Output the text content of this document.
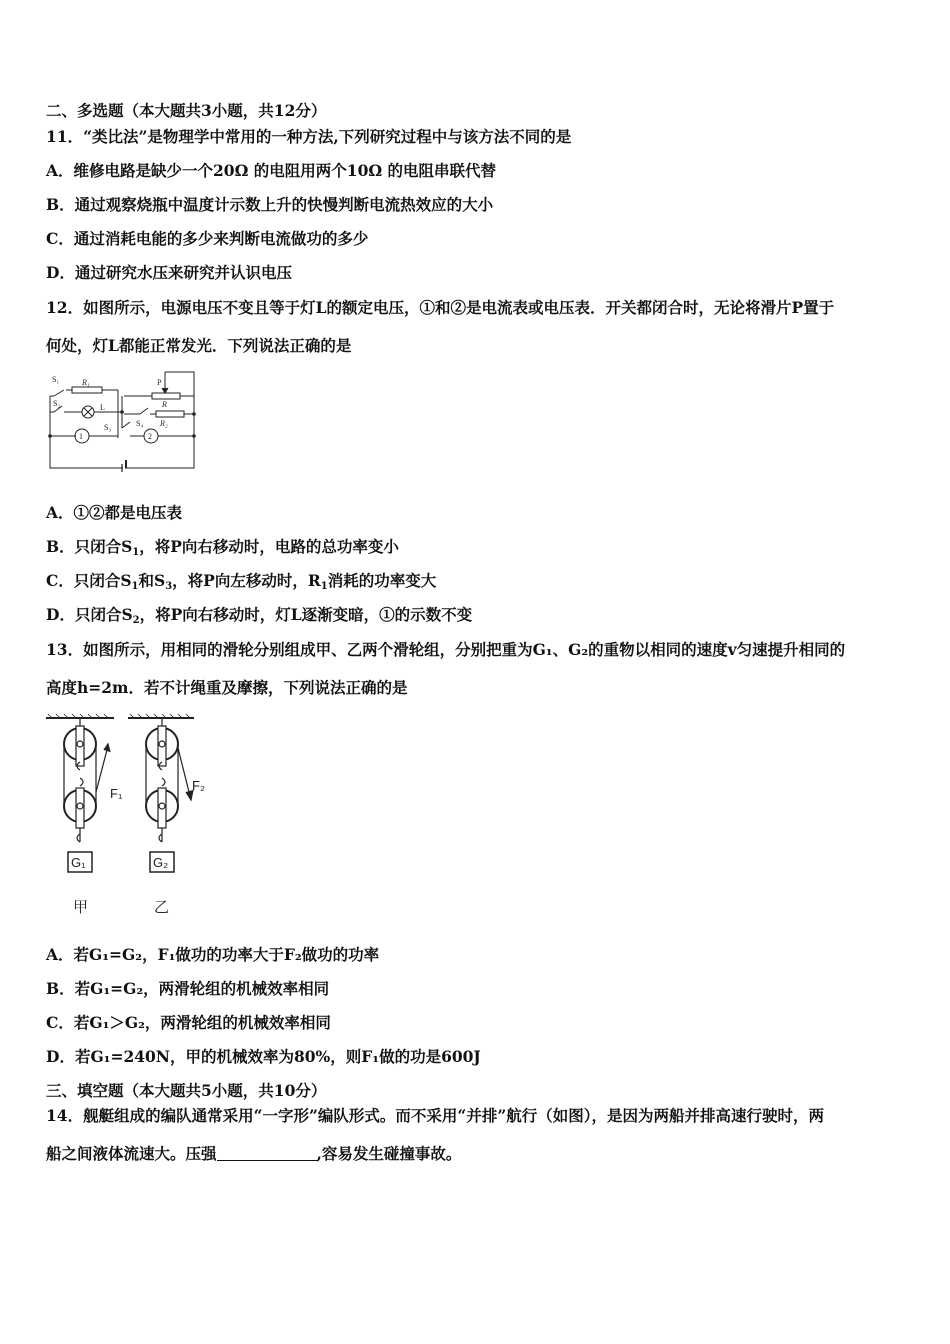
二、多选题（本大题共3小题，共12分）
11．“类比法”是物理学中常用的一种方法,下列研究过程中与该方法不同的是
A．维修电路是缺少一个20Ω 的电阻用两个10Ω 的电阻串联代替
B．通过观察烧瓶中温度计示数上升的快慢判断电流热效应的大小
C．通过消耗电能的多少来判断电流做功的多少
D．通过研究水压来研究并认识电压
12．如图所示，电源电压不变且等于灯L的额定电压，①和②是电流表或电压表．开关都闭合时，无论将滑片P置于
何处，灯L都能正常发光．下列说法正确的是
S₁	R₁	P
R
S₂	L
S₃	S₄ R₂
1	2
A．①②都是电压表
B．只闭合$S_1$，将P向右移动时，电路的总功率变小
C．只闭合$S_1$和$S_3$，将P向左移动时，$R_1$消耗的功率变大
D．只闭合$S_2$，将P向右移动时，灯L逐渐变暗，①的示数不变
13．如图所示，用相同的滑轮分别组成甲、乙两个滑轮组，分别把重为G₁、G₂的重物以相同的速度v匀速提升相同的
高度h=2m．若不计绳重及摩擦，下列说法正确的是
F₁
F₂
G₁	G₂
甲	乙
A．若G₁=G₂，F₁做功的功率大于F₂做功的功率
B．若G₁=G₂，两滑轮组的机械效率相同
C．若G₁＞G₂，两滑轮组的机械效率相同
D．若G₁=240N，甲的机械效率为80%，则F₁做的功是600J
三、填空题（本大题共5小题，共10分）
14．舰艇组成的编队通常采用“一字形”编队形式。而不采用“并排”航行（如图），是因为两船并排高速行驶时，两
船之间液体流速大。压强	,容易发生碰撞事故。
